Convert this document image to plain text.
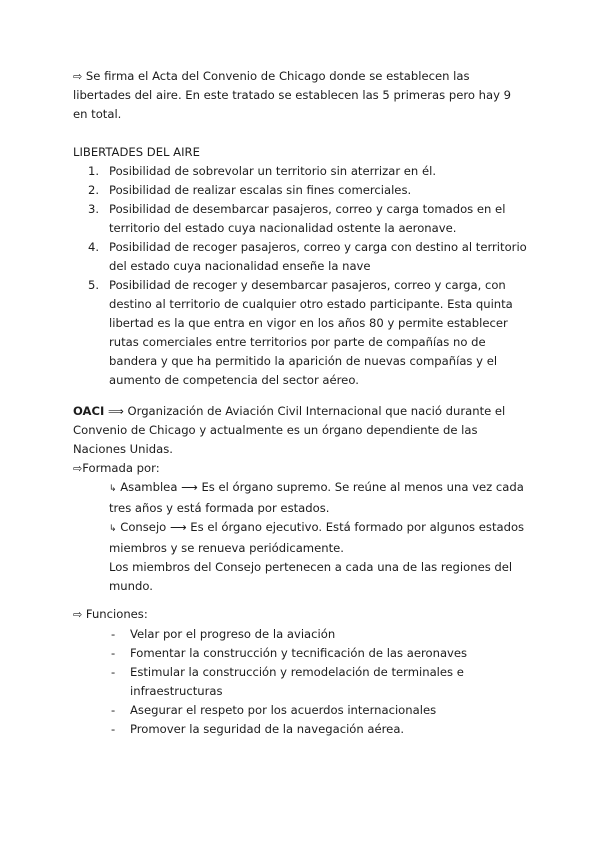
⇨ Se firma el Acta del Convenio de Chicago donde se establecen las libertades del aire. En este tratado se establecen las 5 primeras pero hay 9 en total.

LIBERTADES DEL AIRE

1. Posibilidad de sobrevolar un territorio sin aterrizar en él.
2. Posibilidad de realizar escalas sin fines comerciales.
3. Posibilidad de desembarcar pasajeros, correo y carga tomados en el territorio del estado cuya nacionalidad ostente la aeronave.
4. Posibilidad de recoger pasajeros, correo y carga con destino al territorio del estado cuya nacionalidad enseñe la nave
5. Posibilidad de recoger y desembarcar pasajeros, correo y carga, con destino al territorio de cualquier otro estado participante. Esta quinta libertad es la que entra en vigor en los años 80 y permite establecer rutas comerciales entre territorios por parte de compañías no de bandera y que ha permitido la aparición de nuevas compañías y el aumento de competencia del sector aéreo.

OACI ⟹ Organización de Aviación Civil Internacional que nació durante el Convenio de Chicago y actualmente es un órgano dependiente de las Naciones Unidas.

⇨Formada por:

↳ Asamblea ⟶ Es el órgano supremo. Se reúne al menos una vez cada tres años y está formada por estados.

↳ Consejo ⟶ Es el órgano ejecutivo. Está formado por algunos estados miembros y se renueva periódicamente.

Los miembros del Consejo pertenecen a cada una de las regiones del mundo.

⇨ Funciones:

- Velar por el progreso de la aviación
- Fomentar la construcción y tecnificación de las aeronaves
- Estimular la construcción y remodelación de terminales e infraestructuras
- Asegurar el respeto por los acuerdos internacionales
- Promover la seguridad de la navegación aérea.
